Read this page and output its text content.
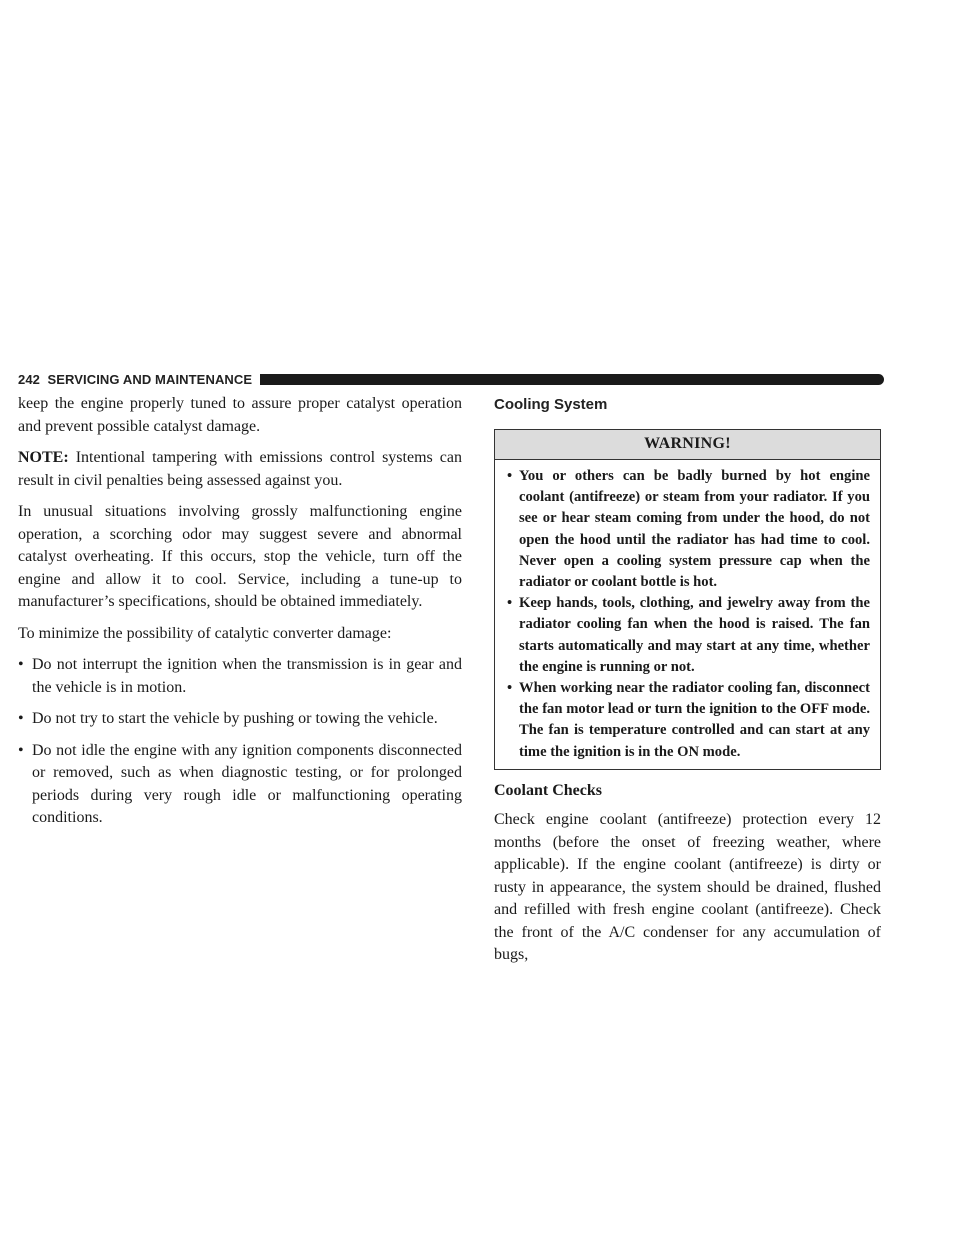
242 SERVICING AND MAINTENANCE

keep the engine properly tuned to assure proper catalyst operation and prevent possible catalyst damage.

NOTE: Intentional tampering with emissions control systems can result in civil penalties being assessed against you.

In unusual situations involving grossly malfunctioning engine operation, a scorching odor may suggest severe and abnormal catalyst overheating. If this occurs, stop the vehicle, turn off the engine and allow it to cool. Service, including a tune-up to manufacturer’s specifications, should be obtained immediately.

To minimize the possibility of catalytic converter damage:

• Do not interrupt the ignition when the transmission is in gear and the vehicle is in motion.
• Do not try to start the vehicle by pushing or towing the vehicle.
• Do not idle the engine with any ignition components disconnected or removed, such as when diagnostic testing, or for prolonged periods during very rough idle or malfunctioning operating conditions.
Cooling System
WARNING!
• You or others can be badly burned by hot engine coolant (antifreeze) or steam from your radiator. If you see or hear steam coming from under the hood, do not open the hood until the radiator has had time to cool. Never open a cooling system pressure cap when the radiator or coolant bottle is hot.
• Keep hands, tools, clothing, and jewelry away from the radiator cooling fan when the hood is raised. The fan starts automatically and may start at any time, whether the engine is running or not.
• When working near the radiator cooling fan, disconnect the fan motor lead or turn the ignition to the OFF mode. The fan is temperature controlled and can start at any time the ignition is in the ON mode.
Coolant Checks

Check engine coolant (antifreeze) protection every 12 months (before the onset of freezing weather, where applicable). If the engine coolant (antifreeze) is dirty or rusty in appearance, the system should be drained, flushed and refilled with fresh engine coolant (antifreeze). Check the front of the A/C condenser for any accumulation of bugs,
